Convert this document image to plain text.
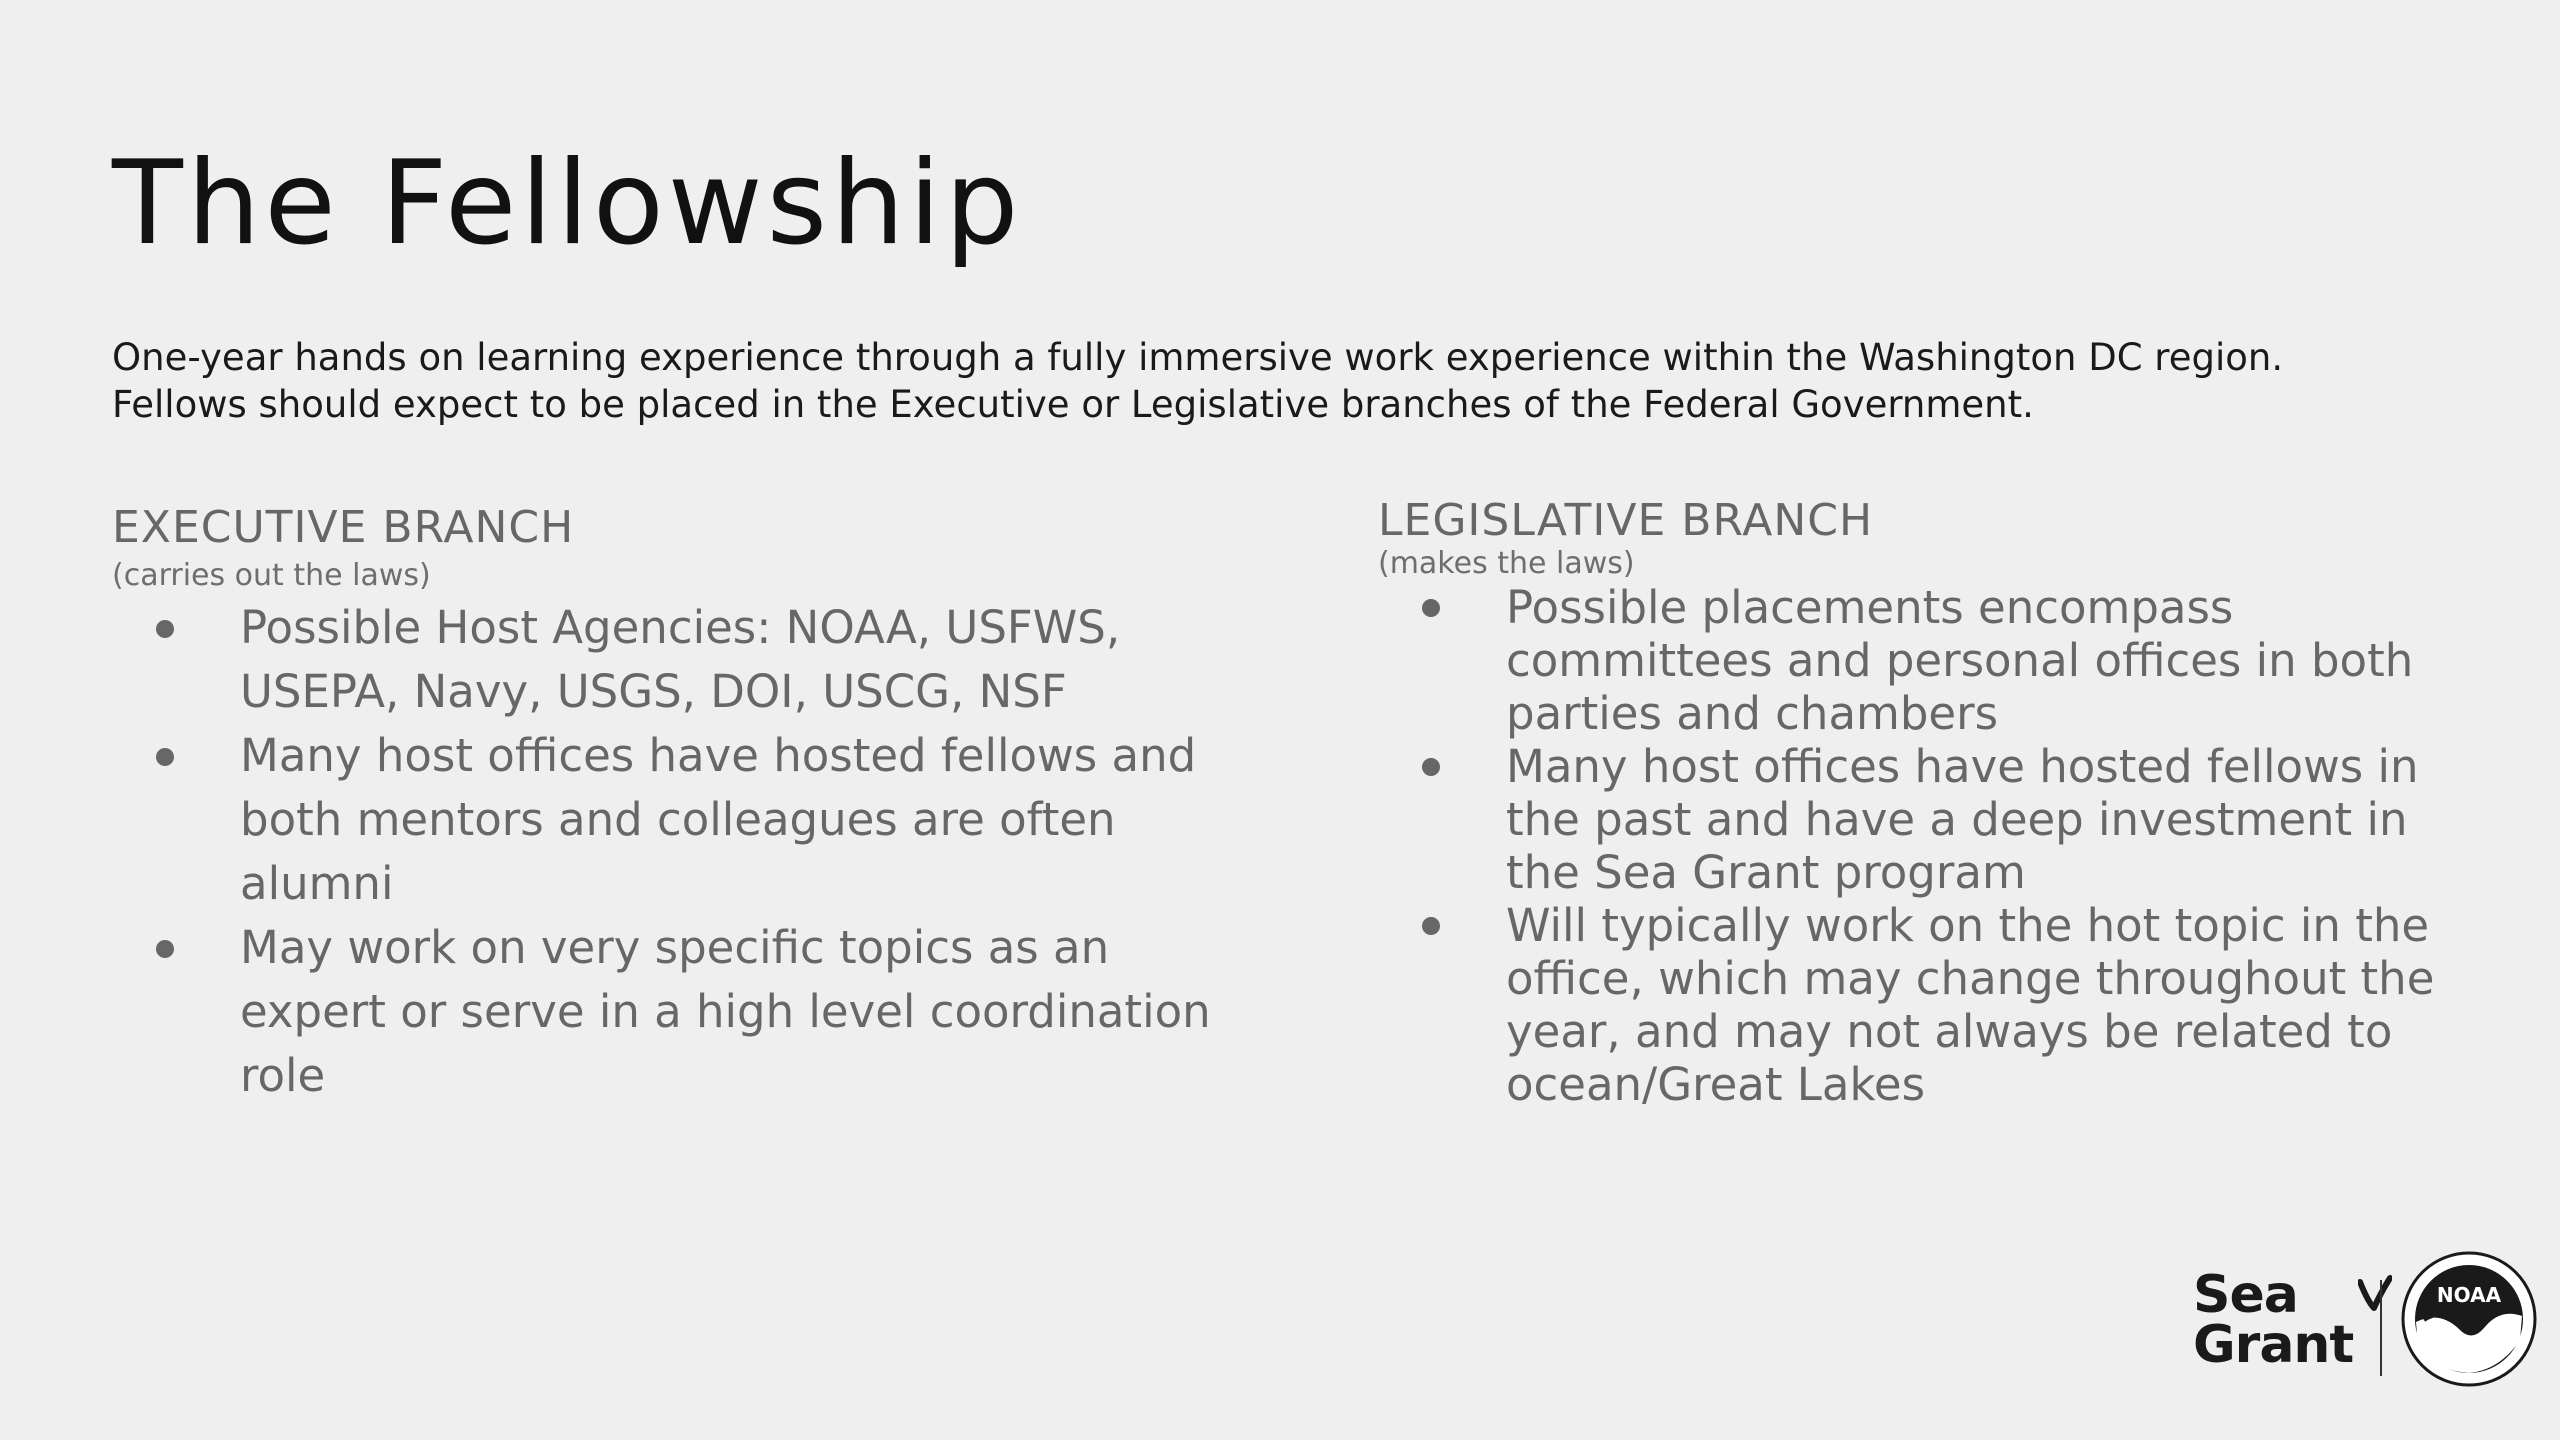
The Fellowship

One-year hands on learning experience through a fully immersive work experience within the Washington DC region.

Fellows should expect to be placed in the Executive or Legislative branches of the Federal Government.

EXECUTIVE BRANCH
(carries out the laws)
Possible Host Agencies: NOAA, USFWS, USEPA, Navy, USGS, DOI, USCG, NSF
Many host offices have hosted fellows and both mentors and colleagues are often alumni
May work on very specific topics as an expert or serve in a high level coordination role
LEGISLATIVE BRANCH
(makes the laws)
Possible placements encompass committees and personal offices in both parties and chambers
Many host offices have hosted fellows in the past and have a deep investment in the Sea Grant program
Will typically work on the hot topic in the office, which may change throughout the year, and may not always be related to ocean/Great Lakes
Sea
Grant
NOAA
